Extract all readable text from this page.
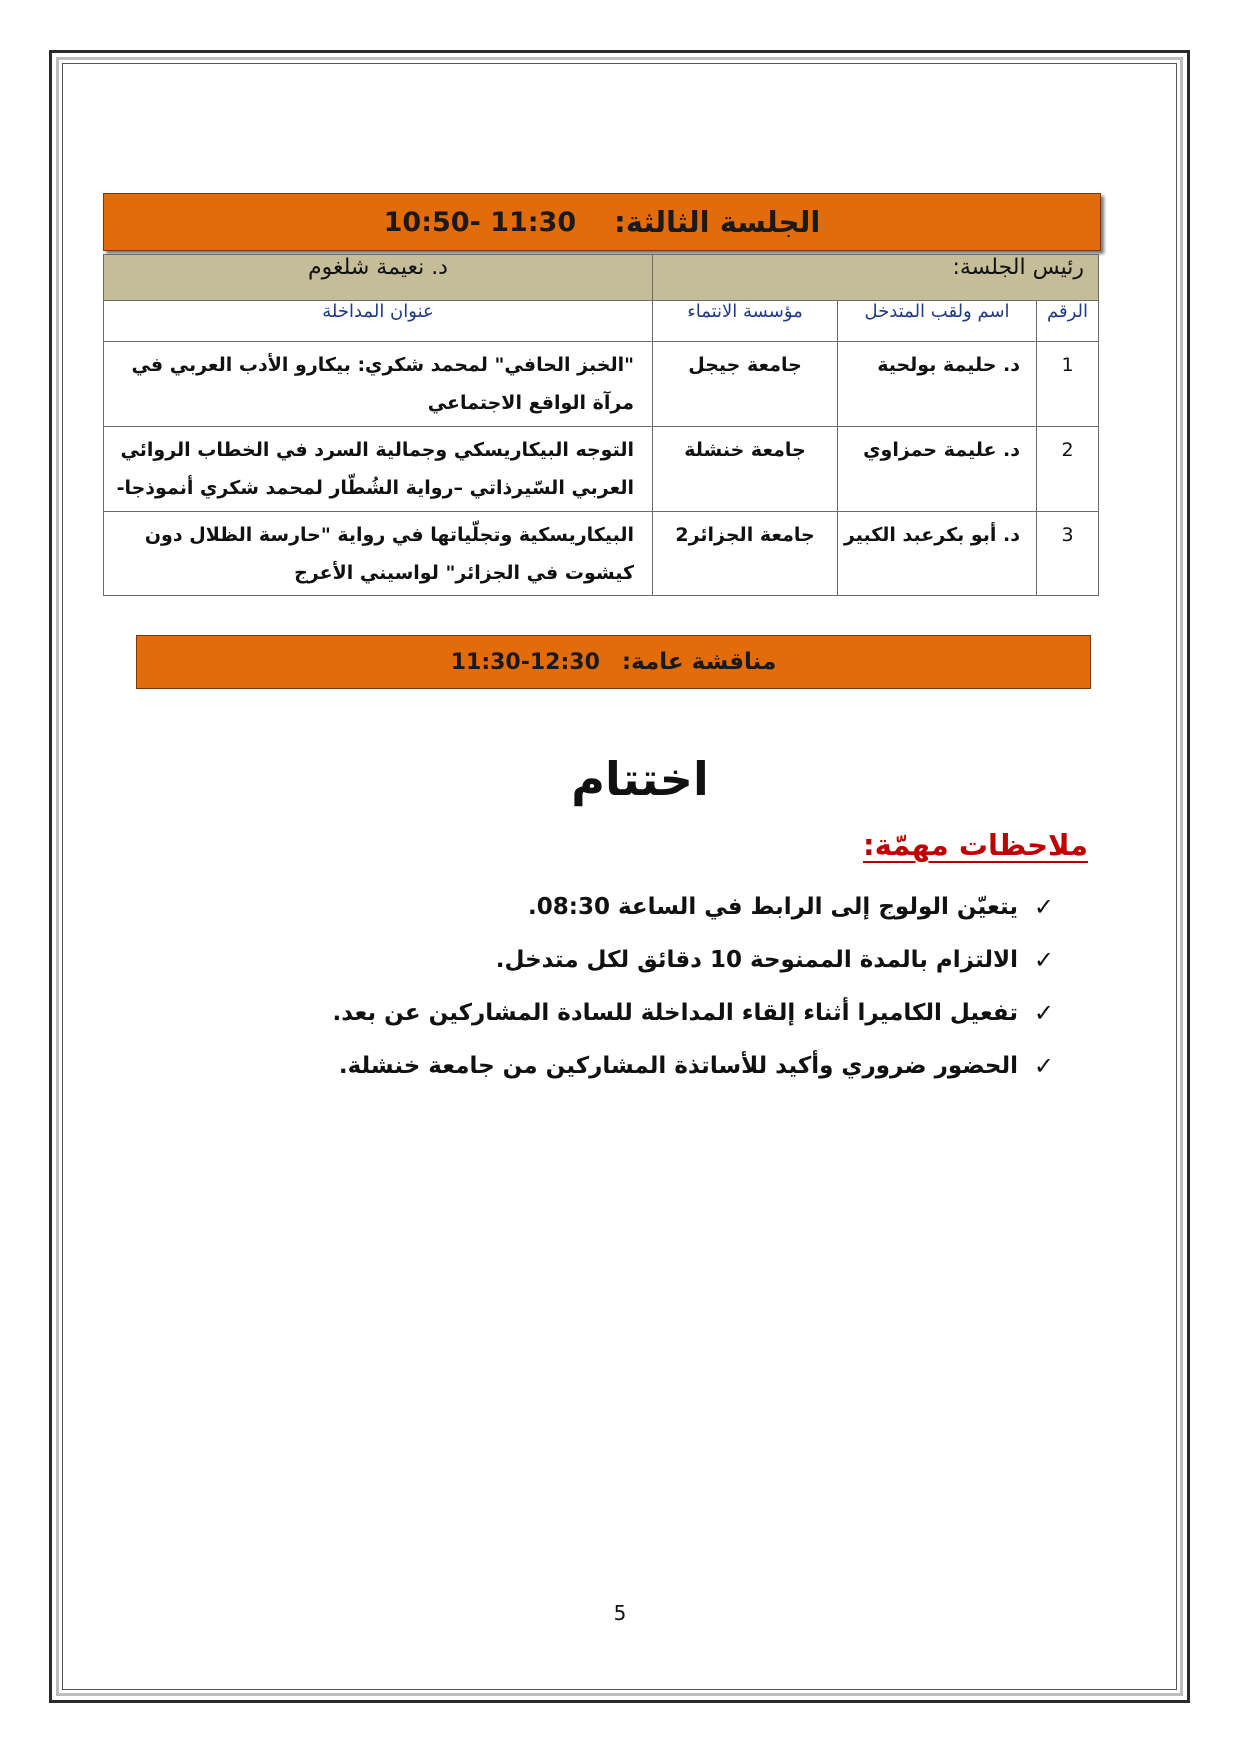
الجلسة الثالثة:
10:50- 11:30
رئيس الجلسة:			د. نعيمة شلغوم
الرقم	اسم ولقب المتدخل	مؤسسة الانتماء	عنوان المداخلة
1	د. حليمة بولحية	جامعة جيجل	"الخبز الحافي" لمحمد شكري: بيكارو الأدب العربي في مرآة الواقع الاجتماعي
2	د. عليمة حمزاوي	جامعة خنشلة	التوجه البيكاريسكي وجمالية السرد في الخطاب الروائي العربي السّيرذاتي –رواية الشُطّار لمحمد شكري أنموذجا-
3	د. أبو بكرعبد الكبير	جامعة الجزائر2	البيكاريسكية وتجلّياتها في رواية "حارسة الظلال دون كيشوت في الجزائر" لواسيني الأعرج
مناقشة عامة:
11:30-12:30
اختتام
ملاحظات مهمّة:
✓
يتعيّن الولوج إلى الرابط في الساعة 08:30.
✓
الالتزام بالمدة الممنوحة 10 دقائق لكل متدخل.
✓
تفعيل الكاميرا أثناء إلقاء المداخلة للسادة المشاركين عن بعد.
✓
الحضور ضروري وأكيد للأساتذة المشاركين من جامعة خنشلة.
5
